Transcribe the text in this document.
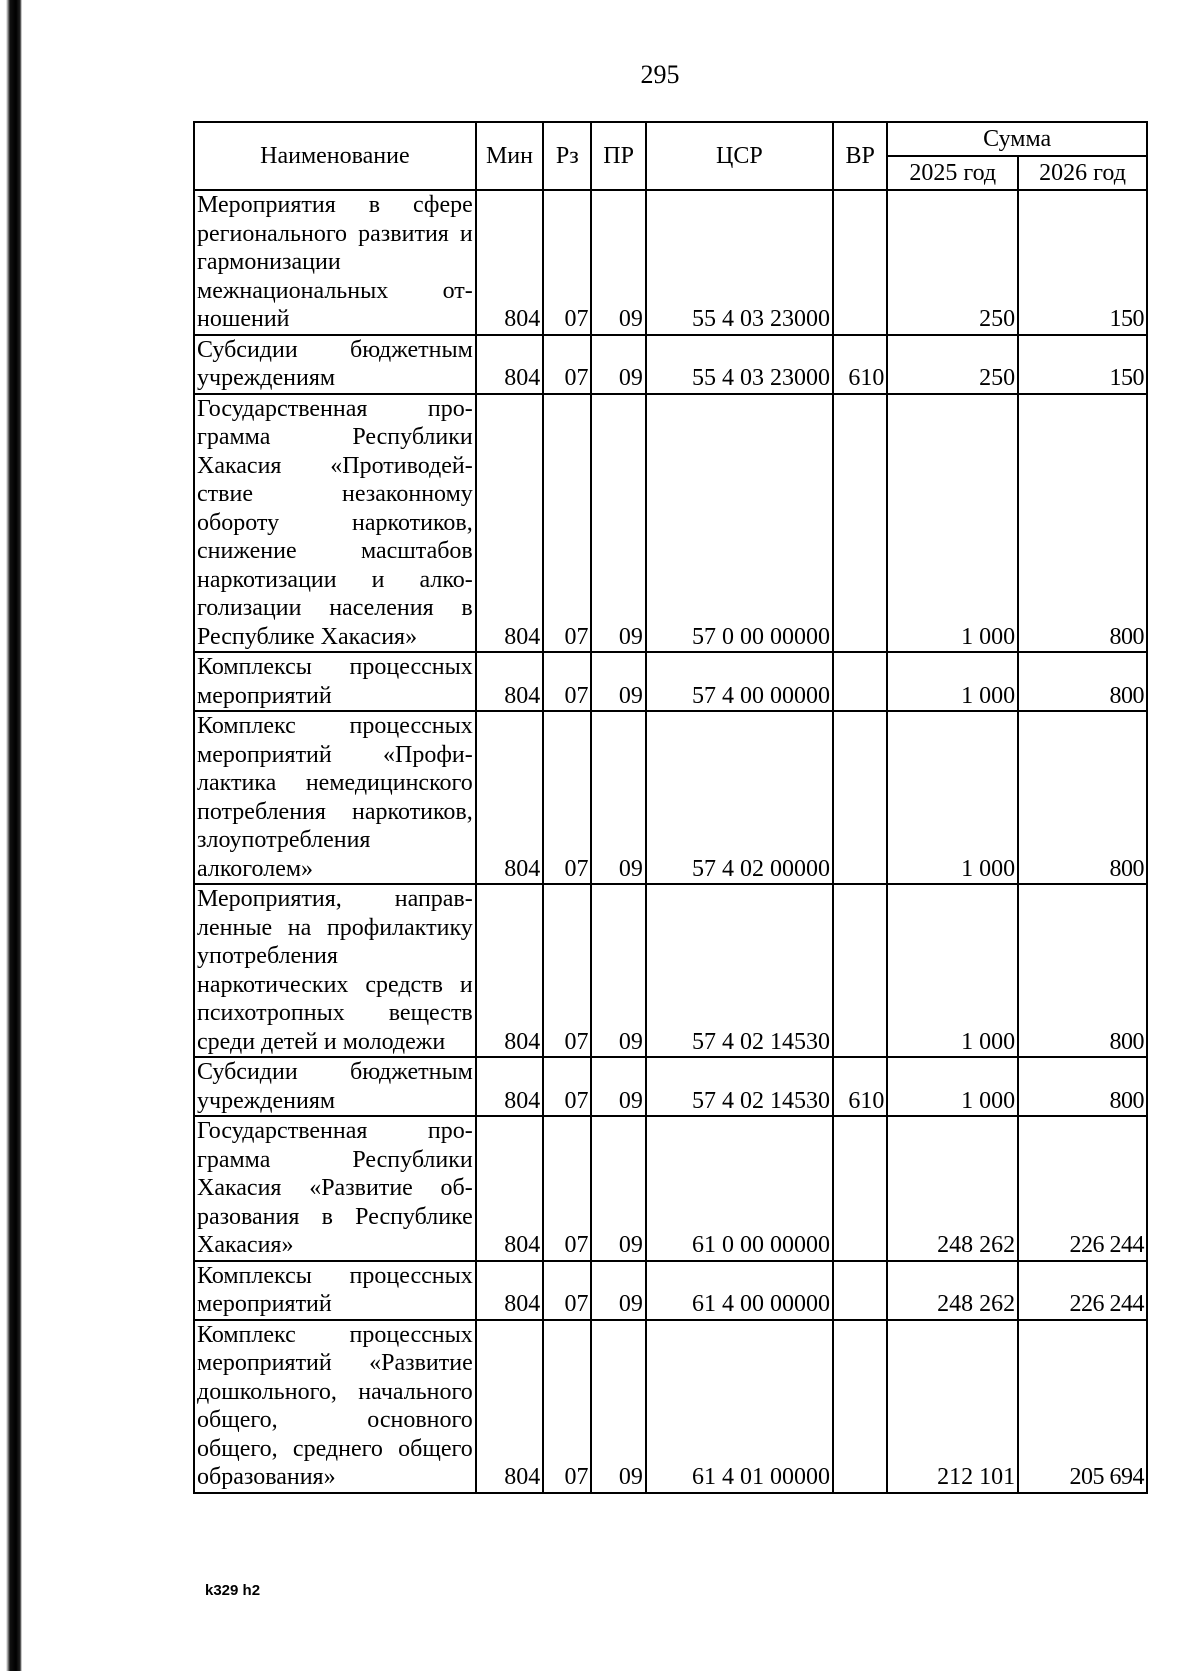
295
Наименование	Мин	Рз	ПР	ЦСР	ВР	Сумма	
						2025 год	2026 год
Мероприятия в сфере регионального развития и гармонизации межнациональных отношений	804	07	09	55 4 03 23000		250	150
Субсидии бюджетным учреждениям	804	07	09	55 4 03 23000	610	250	150
Государственная программа Республики Хакасия «Противодействие незаконному обороту наркотиков, снижение масштабов наркотизации и алкоголизации населения в Республике Хакасия»	804	07	09	57 0 00 00000		1 000	800
Комплексы процессных мероприятий	804	07	09	57 4 00 00000		1 000	800
Комплекс процессных мероприятий «Профилактика немедицинского потребления наркотиков, злоупотребления алкоголем»	804	07	09	57 4 02 00000		1 000	800
Мероприятия, направленные на профилактику употребления наркотических средств и психотропных веществ среди детей и молодежи	804	07	09	57 4 02 14530		1 000	800
Субсидии бюджетным учреждениям	804	07	09	57 4 02 14530	610	1 000	800
Государственная программа Республики Хакасия «Развитие образования в Республике Хакасия»	804	07	09	61 0 00 00000		248 262	226 244
Комплексы процессных мероприятий	804	07	09	61 4 00 00000		248 262	226 244
Комплекс процессных мероприятий «Развитие дошкольного, начального общего, основного общего, среднего общего образования»	804	07	09	61 4 01 00000		212 101	205 694
k329 h2
